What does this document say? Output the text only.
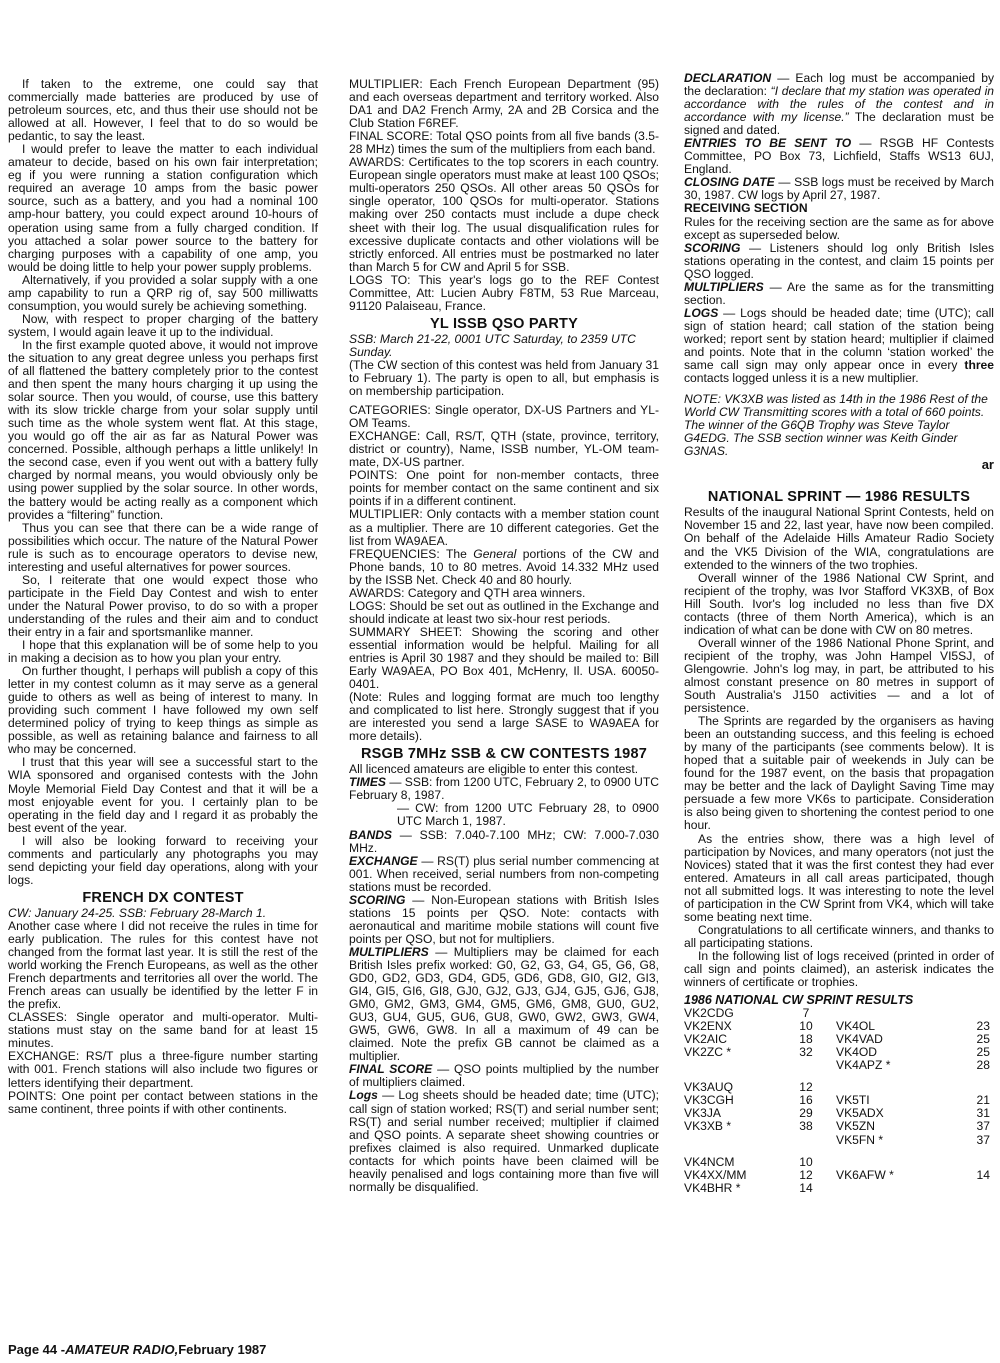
If taken to the extreme, one could say that commercially made batteries are produced by use of petroleum sources, etc, and thus their use should not be allowed at all. However, I feel that to do so would be pedantic, to say the least.

I would prefer to leave the matter to each individual amateur to decide, based on his own fair interpretation; eg if you were running a station configuration which required an average 10 amps from the basic power source, such as a battery, and you had a nominal 100 amp-hour battery, you could expect around 10-hours of operation using same from a fully charged condition. If you attached a solar power source to the battery for charging purposes with a capability of one amp, you would be doing little to help your power supply problems.

Alternatively, if you provided a solar supply with a one amp capability to run a QRP rig of, say 500 milliwatts consumption, you would surely be achieving something.

Now, with respect to proper charging of the battery system, I would again leave it up to the individual.

In the first example quoted above, it would not improve the situation to any great degree unless you perhaps first of all flattened the battery completely prior to the contest and then spent the many hours charging it up using the solar source. Then you would, of course, use this battery with its slow trickle charge from your solar supply until such time as the whole system went flat. At this stage, you would go off the air as far as Natural Power was concerned. Possible, although perhaps a little unlikely! In the second case, even if you went out with a battery fully charged by normal means, you would obviously only be using power supplied by the solar source. In other words, the battery would be acting really as a component which provides a “filtering” function.

Thus you can see that there can be a wide range of possibilities which occur. The nature of the Natural Power rule is such as to encourage operators to devise new, interesting and useful alternatives for power sources.

So, I reiterate that one would expect those who participate in the Field Day Contest and wish to enter under the Natural Power proviso, to do so with a proper understanding of the rules and their aim and to conduct their entry in a fair and sportsmanlike manner.

I hope that this explanation will be of some help to you in making a decision as to how you plan your entry.

On further thought, I perhaps will publish a copy of this letter in my contest column as it may serve as a general guide to others as well as being of interest to many. In providing such comment I have followed my own self determined policy of trying to keep things as simple as possible, as well as retaining balance and fairness to all who may be concerned.

I trust that this year will see a successful start to the WIA sponsored and organised contests with the John Moyle Memorial Field Day Contest and that it will be a most enjoyable event for you. I certainly plan to be operating in the field day and I regard it as probably the best event of the year.

I will also be looking forward to receiving your comments and particularly any photographs you may send depicting your field day operations, along with your logs.

FRENCH DX CONTEST

CW: January 24-25. SSB: February 28-March 1.

Another case where I did not receive the rules in time for early publication. The rules for this contest have not changed from the format last year. It is still the rest of the world working the French Europeans, as well as the other French departments and territories all over the world. The French areas can usually be identified by the letter F in the prefix.

CLASSES: Single operator and multi-operator. Multi-stations must stay on the same band for at least 15 minutes.

EXCHANGE: RS/T plus a three-figure number starting with 001. French stations will also include two figures or letters identifying their department.

POINTS: One point per contact between stations in the same continent, three points if with other continents.

MULTIPLIER: Each French European Department (95) and each overseas department and territory worked. Also DA1 and DA2 French Army, 2A and 2B Corsica and the Club Station F6REF.

FINAL SCORE: Total QSO points from all five bands (3.5-28 MHz) times the sum of the multipliers from each band.

AWARDS: Certificates to the top scorers in each country. European single operators must make at least 100 QSOs; multi-operators 250 QSOs. All other areas 50 QSOs for single operator, 100 QSOs for multi-operator. Stations making over 250 contacts must include a dupe check sheet with their log. The usual disqualification rules for excessive duplicate contacts and other violations will be strictly enforced. All entries must be postmarked no later than March 5 for CW and April 5 for SSB.

LOGS TO: This year's logs go to the REF Contest Committee, Att: Lucien Aubry F8TM, 53 Rue Marceau, 91120 Palaiseau, France.

YL ISSB QSO PARTY

SSB: March 21-22, 0001 UTC Saturday, to 2359 UTC Sunday.

(The CW section of this contest was held from January 31 to February 1). The party is open to all, but emphasis is on membership participation.

CATEGORIES: Single operator, DX-US Partners and YL-OM Teams.

EXCHANGE: Call, RS/T, QTH (state, province, territory, district or country), Name, ISSB number, YL-OM team-mate, DX-US partner.

POINTS: One point for non-member contacts, three points for member contact on the same continent and six points if in a different continent.

MULTIPLIER: Only contacts with a member station count as a multiplier. There are 10 different categories. Get the list from WA9AEA.

FREQUENCIES: The General portions of the CW and Phone bands, 10 to 80 metres. Avoid 14.332 MHz used by the ISSB Net. Check 40 and 80 hourly.

AWARDS: Category and QTH area winners.

LOGS: Should be set out as outlined in the Exchange and should indicate at least two six-hour rest periods.

SUMMARY SHEET: Showing the scoring and other essential information would be helpful. Mailing for all entries is April 30 1987 and they should be mailed to: Bill Early WA9AEA, PO Box 401, McHenry, Il. USA. 60050-0401.

(Note: Rules and logging format are much too lengthy and complicated to list here. Strongly suggest that if you are interested you send a large SASE to WA9AEA for more details).

RSGB 7MHz SSB & CW CONTESTS 1987

All licenced amateurs are eligible to enter this contest.

TIMES — SSB: from 1200 UTC, February 2, to 0900 UTC February 8, 1987.

— CW: from 1200 UTC February 28, to 0900 UTC March 1, 1987.

BANDS — SSB: 7.040-7.100 MHz; CW: 7.000-7.030 MHz.

EXCHANGE — RS(T) plus serial number commencing at 001. When received, serial numbers from non-competing stations must be recorded.

SCORING — Non-European stations with British Isles stations 15 points per QSO. Note: contacts with aeronautical and maritime mobile stations will count five points per QSO, but not for multipliers.

MULTIPLIERS — Multipliers may be claimed for each British Isles prefix worked: G0, G2, G3, G4, G5, G6, G8, GD0, GD2, GD3, GD4, GD5, GD6, GD8, GI0, GI2, GI3, GI4, GI5, GI6, GI8, GJ0, GJ2, GJ3, GJ4, GJ5, GJ6, GJ8, GM0, GM2, GM3, GM4, GM5, GM6, GM8, GU0, GU2, GU3, GU4, GU5, GU6, GU8, GW0, GW2, GW3, GW4, GW5, GW6, GW8. In all a maximum of 49 can be claimed. Note the prefix GB cannot be claimed as a multiplier.

FINAL SCORE — QSO points multiplied by the number of multipliers claimed.

Logs — Log sheets should be headed date; time (UTC); call sign of station worked; RS(T) and serial number sent; RS(T) and serial number received; multiplier if claimed and QSO points. A separate sheet showing countries or prefixes claimed is also required. Unmarked duplicate contacts for which points have been claimed will be heavily penalised and logs containing more than five will normally be disqualified.

DECLARATION — Each log must be accompanied by the declaration: “I declare that my station was operated in accordance with the rules of the contest and in accordance with my license.” The declaration must be signed and dated.

ENTRIES TO BE SENT TO — RSGB HF Contests Committee, PO Box 73, Lichfield, Staffs WS13 6UJ, England.

CLOSING DATE — SSB logs must be received by March 30, 1987. CW logs by April 27, 1987.

RECEIVING SECTION

Rules for the receiving section are the same as for above except as superseded below.

SCORING — Listeners should log only British Isles stations operating in the contest, and claim 15 points per QSO logged.

MULTIPLIERS — Are the same as for the transmitting section.

LOGS — Logs should be headed date; time (UTC); call sign of station heard; call station of the station being worked; report sent by station heard; multiplier if claimed and points. Note that in the column ‘station worked’ the same call sign may only appear once in every three contacts logged unless it is a new multiplier.

NOTE: VK3XB was listed as 14th in the 1986 Rest of the World CW Transmitting scores with a total of 660 points. The winner of the G6QB Trophy was Steve Taylor G4EDG. The SSB section winner was Keith Ginder G3NAS.

ar

NATIONAL SPRINT — 1986 RESULTS

Results of the inaugural National Sprint Contests, held on November 15 and 22, last year, have now been compiled. On behalf of the Adelaide Hills Amateur Radio Society and the VK5 Division of the WIA, congratulations are extended to the winners of the two trophies.

Overall winner of the 1986 National CW Sprint, and recipient of the trophy, was Ivor Stafford VK3XB, of Box Hill South. Ivor's log included no less than five DX contacts (three of them North America), which is an indication of what can be done with CW on 80 metres.

Overall winner of the 1986 National Phone Sprint, and recipient of the trophy, was John Hampel VI5SJ, of Glengowrie. John's log may, in part, be attributed to his almost constant presence on 80 metres in support of South Australia's J150 activities — and a lot of persistence.

The Sprints are regarded by the organisers as having been an outstanding success, and this feeling is echoed by many of the participants (see comments below). It is hoped that a suitable pair of weekends in July can be found for the 1987 event, on the basis that propagation may be better and the lack of Daylight Saving Time may persuade a few more VK6s to participate. Consideration is also being given to shortening the contest period to one hour.

As the entries show, there was a high level of participation by Novices, and many operators (not just the Novices) stated that it was the first contest they had ever entered. Amateurs in all call areas participated, though not all submitted logs. It was interesting to note the level of participation in the CW Sprint from VK4, which will take some beating next time.

Congratulations to all certificate winners, and thanks to all participating stations.

In the following list of logs received (printed in order of call sign and points claimed), an asterisk indicates the winners of certificate or trophies.

1986 NATIONAL CW SPRINT RESULTS
VK2CDG	7		
VK2ENX	10	VK4OL	23
VK2AIC	18	VK4VAD	25
VK2ZC *	32	VK4OD	25
		VK4APZ *	28

VK3AUQ	12		
VK3CGH	16	VK5TI	21
VK3JA	29	VK5ADX	31
VK3XB *	38	VK5ZN	37
		VK5FN *	37

VK4NCM	10		
VK4XX/MM	12	VK6AFW *	14
VK4BHR *	14		
Page 44 -AMATEUR RADIO,February 1987
